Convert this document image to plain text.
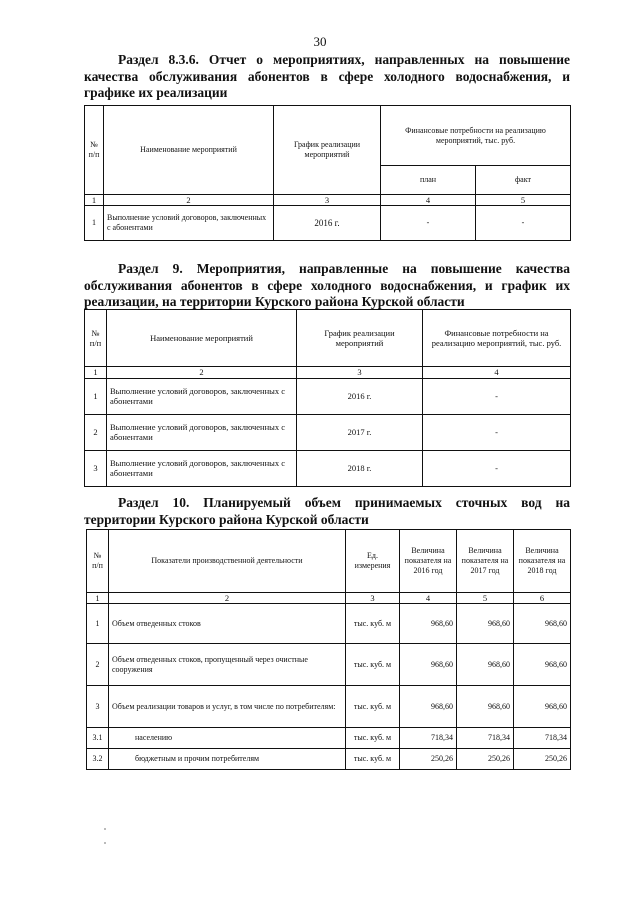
30
Раздел 8.3.6. Отчет о мероприятиях, направленных на повышение качества обслуживания абонентов в сфере холодного водоснабжения, и графике их реализации
№ п/п	Наименование мероприятий	График реализации мероприятий	Финансовые потребности на реализацию мероприятий, тыс. руб.	
			план	факт
1	2	3	4	5
1	Выполнение условий договоров, заключенных с абонентами	2016 г.	-	-
Раздел 9. Мероприятия, направленные на повышение качества обслуживания абонентов в сфере холодного водоснабжения, и график их реализации, на территории Курского района Курской области
№ п/п	Наименование мероприятий	График реализации мероприятий	Финансовые потребности на реализацию мероприятий, тыс. руб.
1	2	3	4
1	Выполнение условий договоров, заключенных с абонентами	2016 г.	-
2	Выполнение условий договоров, заключенных с абонентами	2017 г.	-
3	Выполнение условий договоров, заключенных с абонентами	2018 г.	-
Раздел 10. Планируемый объем принимаемых сточных вод на территории Курского района Курской области
№ п/п	Показатели производственной деятельности	Ед. измерения	Величина показателя на 2016 год	Величина показателя на 2017 год	Величина показателя на 2018 год
1	2	3	4	5	6
1	Объем отведенных стоков	тыс. куб. м	968,60	968,60	968,60
2	Объем отведенных стоков, пропущенный через очистные сооружения	тыс. куб. м	968,60	968,60	968,60
3	Объем реализации товаров и услуг, в том числе по потребителям:	тыс. куб. м	968,60	968,60	968,60
3.1	населению	тыс. куб. м	718,34	718,34	718,34
3.2	бюджетным и прочим потребителям	тыс. куб. м	250,26	250,26	250,26
